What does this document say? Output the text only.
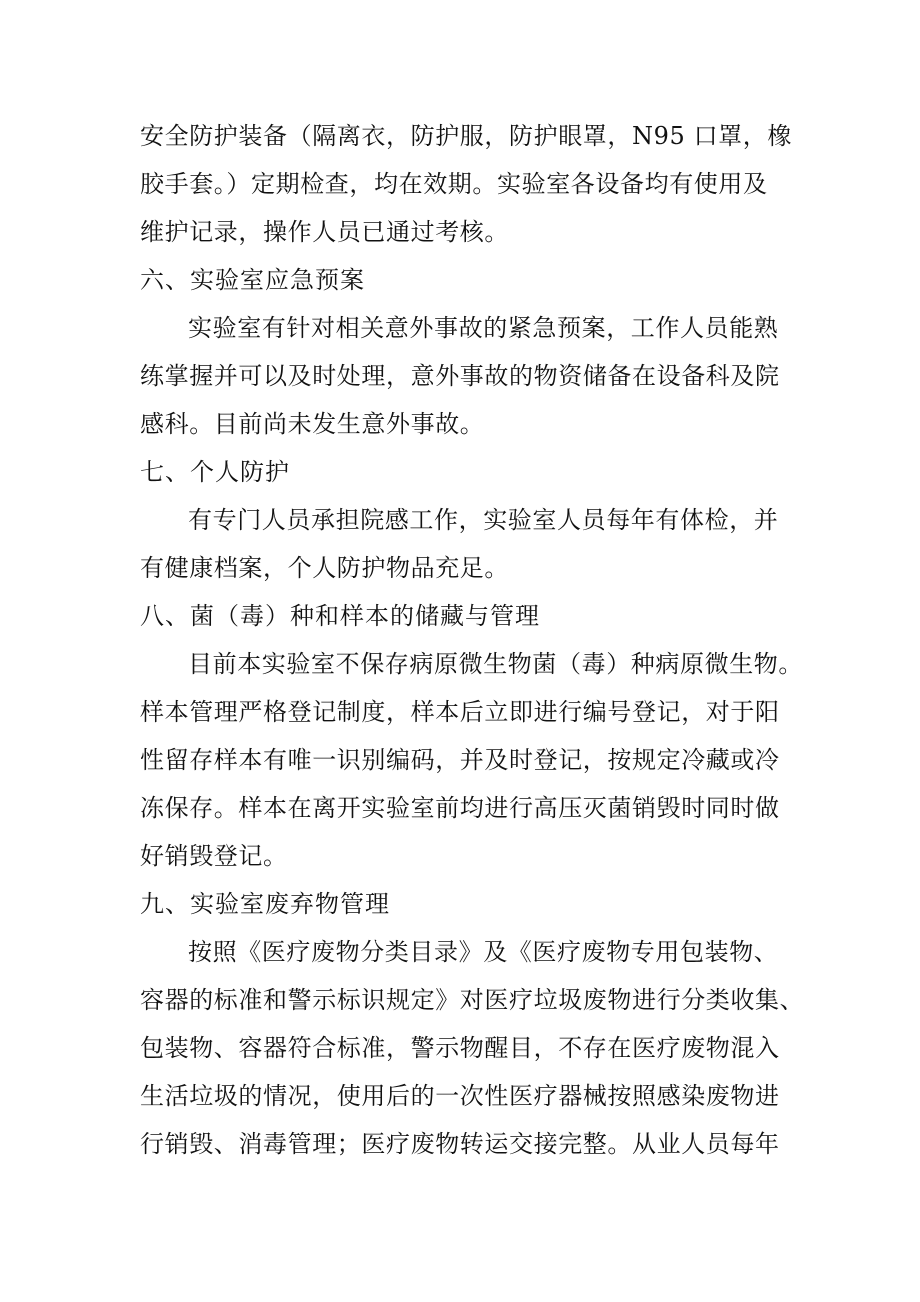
安全防护装备（隔离衣，防护服，防护眼罩，N95 口罩，橡
胶手套。）定期检查，均在效期。实验室各设备均有使用及
维护记录，操作人员已通过考核。
六、实验室应急预案
实验室有针对相关意外事故的紧急预案，工作人员能熟
练掌握并可以及时处理，意外事故的物资储备在设备科及院
感科。目前尚未发生意外事故。
七、个人防护
有专门人员承担院感工作，实验室人员每年有体检，并
有健康档案，个人防护物品充足。
八、菌（毒）种和样本的储藏与管理
目前本实验室不保存病原微生物菌（毒）种病原微生物。
样本管理严格登记制度，样本后立即进行编号登记，对于阳
性留存样本有唯一识别编码，并及时登记，按规定冷藏或冷
冻保存。样本在离开实验室前均进行高压灭菌销毁时同时做
好销毁登记。
九、实验室废弃物管理
按照《医疗废物分类目录》及《医疗废物专用包装物、
容器的标准和警示标识规定》对医疗垃圾废物进行分类收集、
包装物、容器符合标准，警示物醒目，不存在医疗废物混入
生活垃圾的情况，使用后的一次性医疗器械按照感染废物进
行销毁、消毒管理；医疗废物转运交接完整。从业人员每年
